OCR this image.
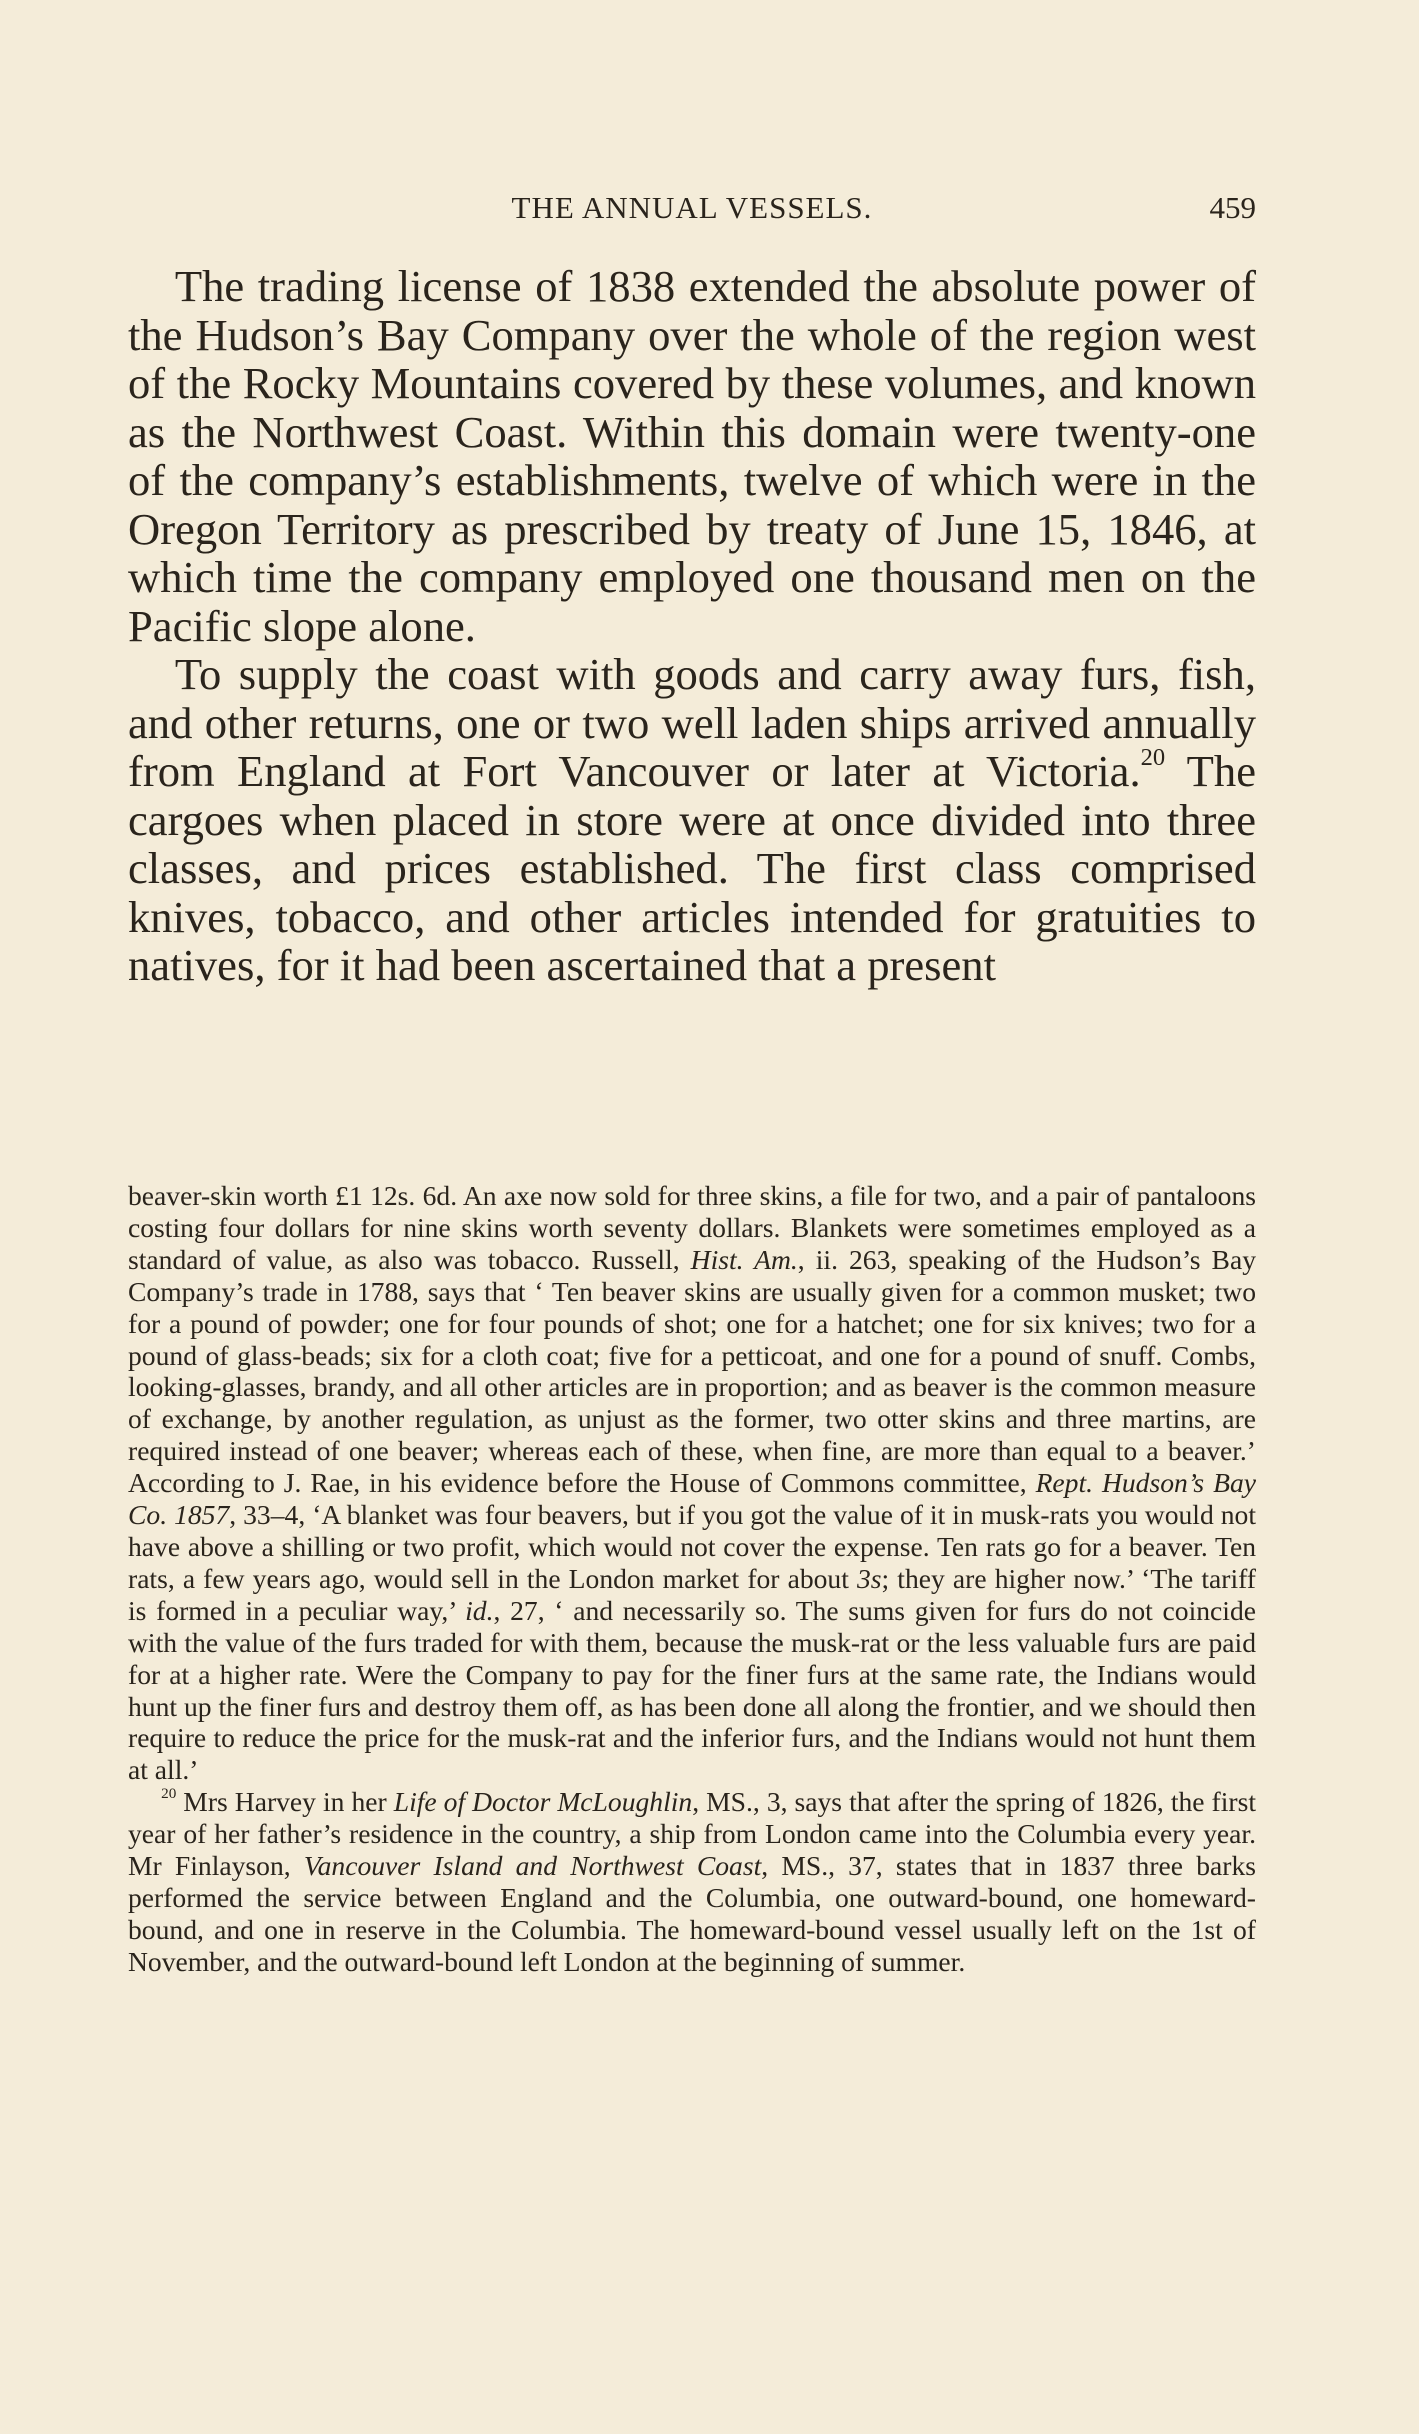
THE ANNUAL VESSELS.	459

The trading license of 1838 extended the absolute power of the Hudson’s Bay Company over the whole of the region west of the Rocky Mountains covered by these volumes, and known as the Northwest Coast. Within this domain were twenty-one of the company’s establishments, twelve of which were in the Oregon Territory as prescribed by treaty of June 15, 1846, at which time the company employed one thousand men on the Pacific slope alone.

To supply the coast with goods and carry away furs, fish, and other returns, one or two well laden ships arrived annually from England at Fort Vancouver or later at Victoria.$^{20}$ The cargoes when placed in store were at once divided into three classes, and prices established. The first class comprised knives, tobacco, and other articles intended for gratuities to natives, for it had been ascertained that a present

beaver-skin worth £1 12s. 6d. An axe now sold for three skins, a file for two, and a pair of pantaloons costing four dollars for nine skins worth seventy dollars. Blankets were sometimes employed as a standard of value, as also was tobacco. Russell, Hist. Am., ii. 263, speaking of the Hudson’s Bay Company’s trade in 1788, says that ‘ Ten beaver skins are usually given for a common musket; two for a pound of powder; one for four pounds of shot; one for a hatchet; one for six knives; two for a pound of glass-beads; six for a cloth coat; five for a petticoat, and one for a pound of snuff. Combs, looking-glasses, brandy, and all other articles are in proportion; and as beaver is the common measure of exchange, by another regulation, as unjust as the former, two otter skins and three martins, are required instead of one beaver; whereas each of these, when fine, are more than equal to a beaver.’ According to J. Rae, in his evidence before the House of Commons committee, Rept. Hudson’s Bay Co. 1857, 33–4, ‘A blanket was four beavers, but if you got the value of it in musk-rats you would not have above a shilling or two profit, which would not cover the expense. Ten rats go for a beaver. Ten rats, a few years ago, would sell in the London market for about 3s; they are higher now.’ ‘The tariff is formed in a peculiar way,’ id., 27, ‘ and necessarily so. The sums given for furs do not coincide with the value of the furs traded for with them, because the musk-rat or the less valuable furs are paid for at a higher rate. Were the Company to pay for the finer furs at the same rate, the Indians would hunt up the finer furs and destroy them off, as has been done all along the frontier, and we should then require to reduce the price for the musk-rat and the inferior furs, and the Indians would not hunt them at all.’

$^{20}$ Mrs Harvey in her Life of Doctor McLoughlin, MS., 3, says that after the spring of 1826, the first year of her father’s residence in the country, a ship from London came into the Columbia every year. Mr Finlayson, Vancouver Island and Northwest Coast, MS., 37, states that in 1837 three barks performed the service between England and the Columbia, one outward-bound, one homeward-bound, and one in reserve in the Columbia. The homeward-bound vessel usually left on the 1st of November, and the outward-bound left London at the beginning of summer.
